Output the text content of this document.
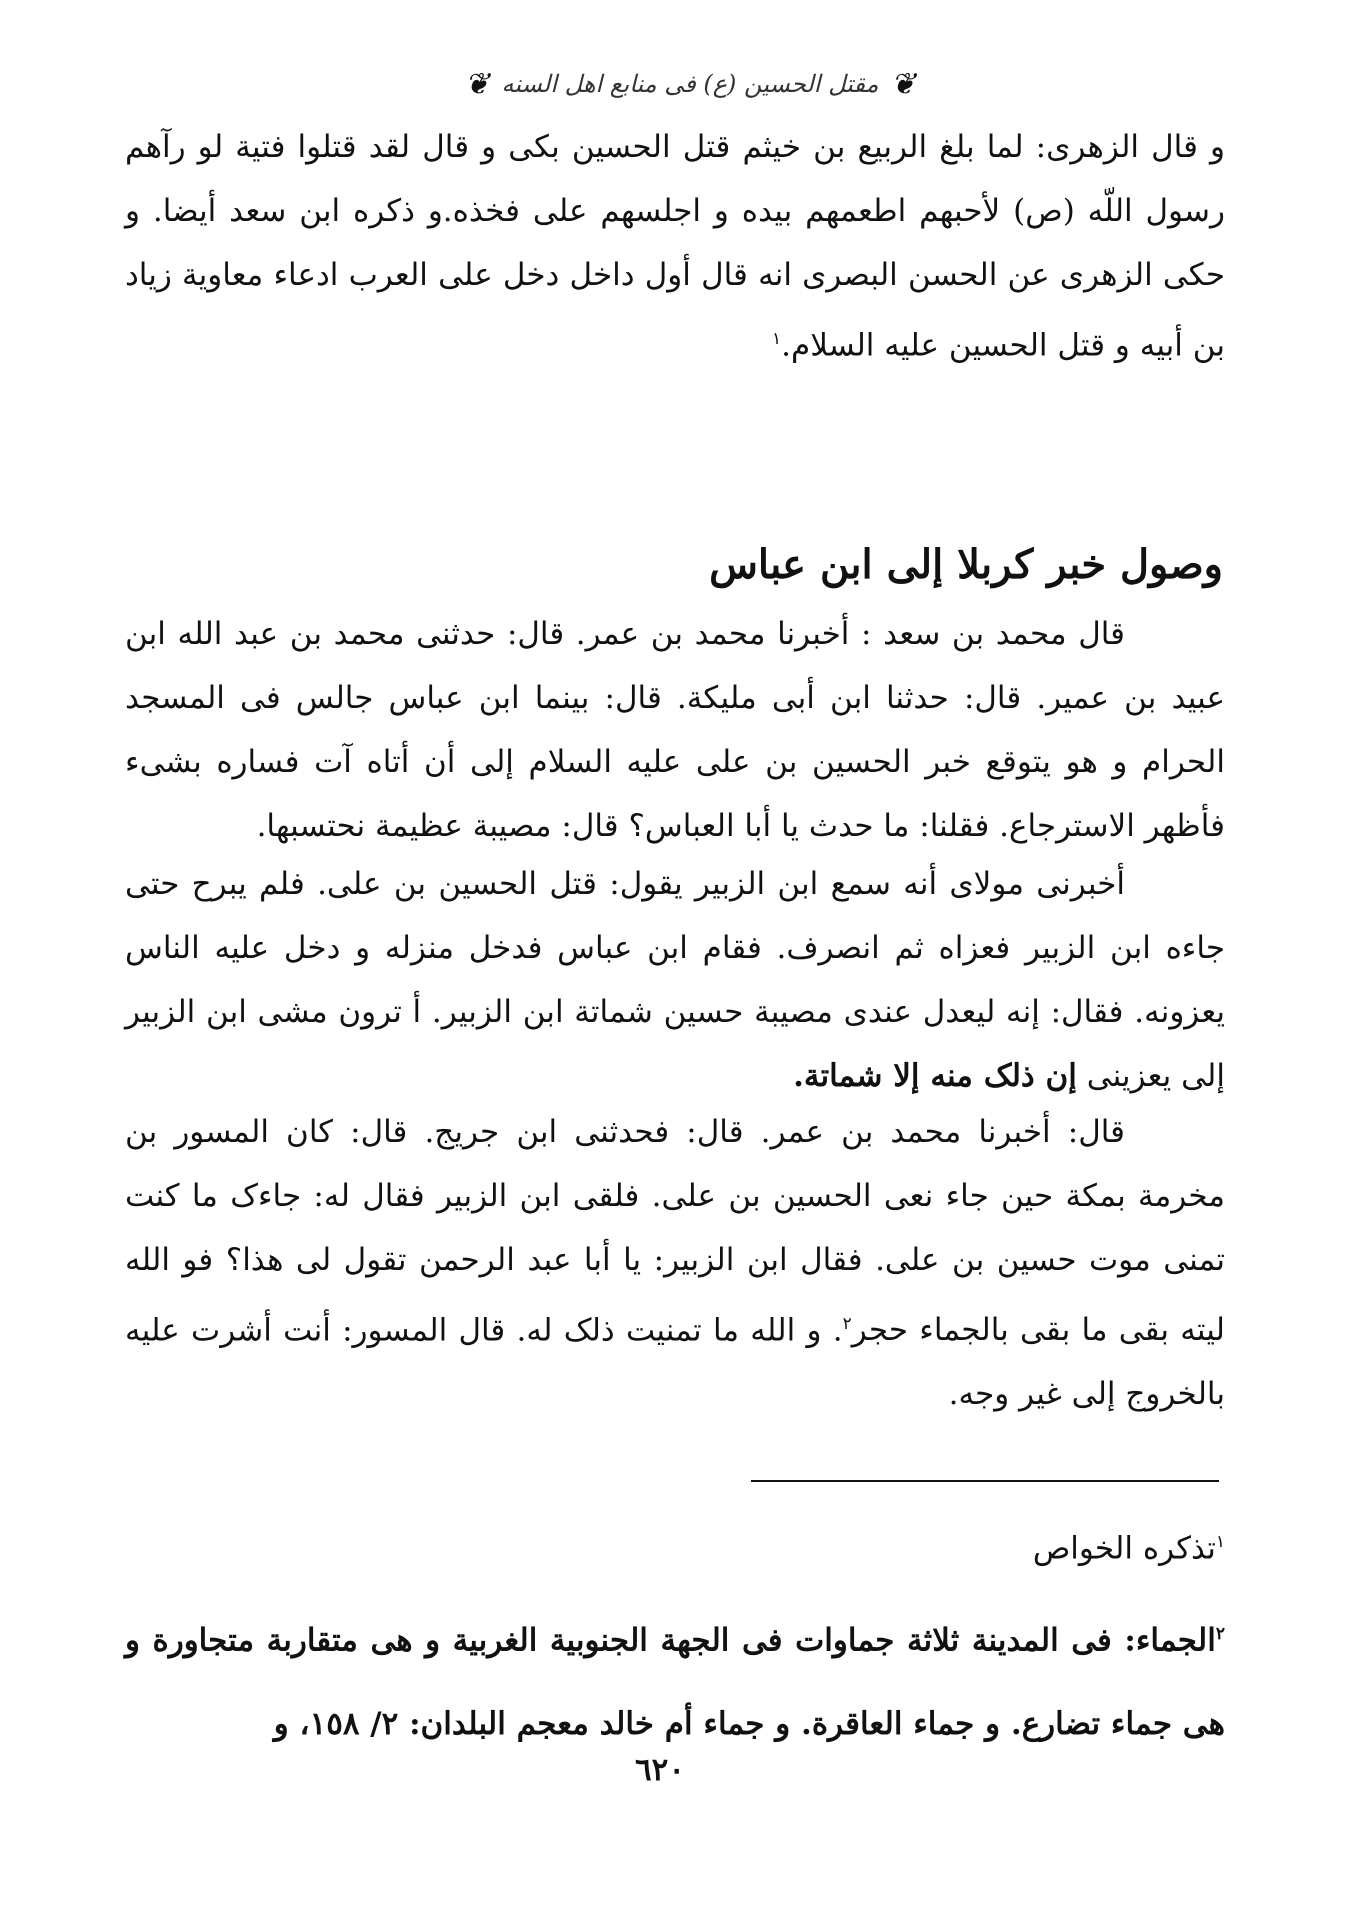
❦
مقتل الحسين (ع) فی منابع اهل السنه
❦
و قال الزهری: لما بلغ الربیع بن خیثم قتل الحسین بکی و قال لقد قتلوا فتیة لو رآهم رسول اللّه (ص) لأحبهم اطعمهم بیده و اجلسهم علی فخذه.و ذکره ابن سعد أیضا. و حکی الزهری عن الحسن البصری انه قال أول داخل دخل علی العرب ادعاء معاویة زیاد بن أبیه و قتل الحسین علیه السلام.$^١$
وصول خبر کربلا إلی ابن عباس
قال محمد بن سعد : أخبرنا محمد بن عمر. قال: حدثنی محمد بن عبد الله ابن عبید بن عمیر. قال: حدثنا ابن أبی ملیکة. قال: بینما ابن عباس جالس فی المسجد الحرام و هو یتوقع خبر الحسین بن علی علیه السلام إلی أن أتاه آت فساره بشیء فأظهر الاسترجاع. فقلنا: ما حدث یا أبا العباس؟ قال: مصیبة عظیمة نحتسبها.
أخبرنی مولای أنه سمع ابن الزبیر یقول: قتل الحسین بن علی. فلم یبرح حتی جاءه ابن الزبیر فعزاه ثم انصرف. فقام ابن عباس فدخل منزله و دخل علیه الناس یعزونه. فقال: إنه لیعدل عندی مصیبة حسین شماتة ابن الزبیر. أ ترون مشی ابن الزبیر إلی یعزینی إن ذلک منه إلا شماتة.
قال: أخبرنا محمد بن عمر. قال: فحدثنی ابن جریج. قال: کان المسور بن مخرمة بمکة حین جاء نعی الحسین بن علی. فلقی ابن الزبیر فقال له: جاءک ما کنت تمنی موت حسین بن علی. فقال ابن الزبیر: یا أبا عبد الرحمن تقول لی هذا؟ فو الله لیته بقی ما بقی بالجماء حجر$^٢$. و الله ما تمنیت ذلک له. قال المسور: أنت أشرت علیه بالخروج إلی غیر وجه.
$^١$تذکره الخواص
$^٢$الجماء: فی المدینة ثلاثة جماوات فی الجهة الجنوبیة الغربیة و هی متقاربة متجاورة و هی جماء تضارع. و جماء العاقرة. و جماء أم خالد معجم البلدان: ٢/ ١٥٨، و
٦٢٠
